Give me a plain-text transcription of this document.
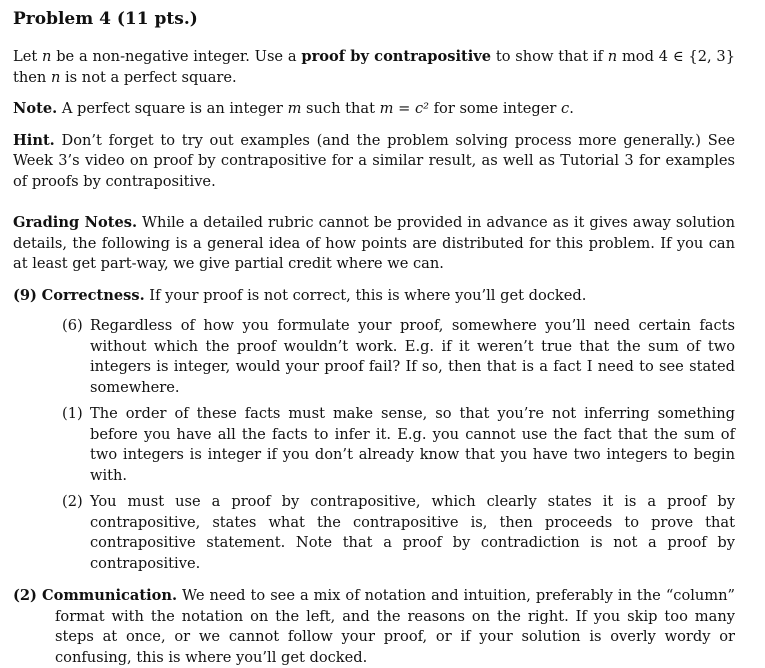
Problem 4 (11 pts.)

Let n be a non-negative integer. Use a proof by contrapositive to show that if n mod 4 ∈ {2, 3} then n is not a perfect square.

Note. A perfect square is an integer m such that m = c² for some integer c.

Hint. Don’t forget to try out examples (and the problem solving process more generally.) See Week 3’s video on proof by contrapositive for a similar result, as well as Tutorial 3 for examples of proofs by contrapositive.

Grading Notes. While a detailed rubric cannot be provided in advance as it gives away solution details, the following is a general idea of how points are distributed for this problem. If you can at least get part-way, we give partial credit where we can.

(9) Correctness. If your proof is not correct, this is where you’ll get docked.
(6) Regardless of how you formulate your proof, somewhere you’ll need certain facts without which the proof wouldn’t work. E.g. if it weren’t true that the sum of two integers is integer, would your proof fail? If so, then that is a fact I need to see stated somewhere.
(1) The order of these facts must make sense, so that you’re not inferring something before you have all the facts to infer it. E.g. you cannot use the fact that the sum of two integers is integer if you don’t already know that you have two integers to begin with.
(2) You must use a proof by contrapositive, which clearly states it is a proof by contrapositive, states what the contrapositive is, then proceeds to prove that contrapositive statement. Note that a proof by contradiction is not a proof by contrapositive.
(2) Communication. We need to see a mix of notation and intuition, preferably in the “column” format with the notation on the left, and the reasons on the right. If you skip too many steps at once, or we cannot follow your proof, or if your solution is overly wordy or confusing, this is where you’ll get docked.
